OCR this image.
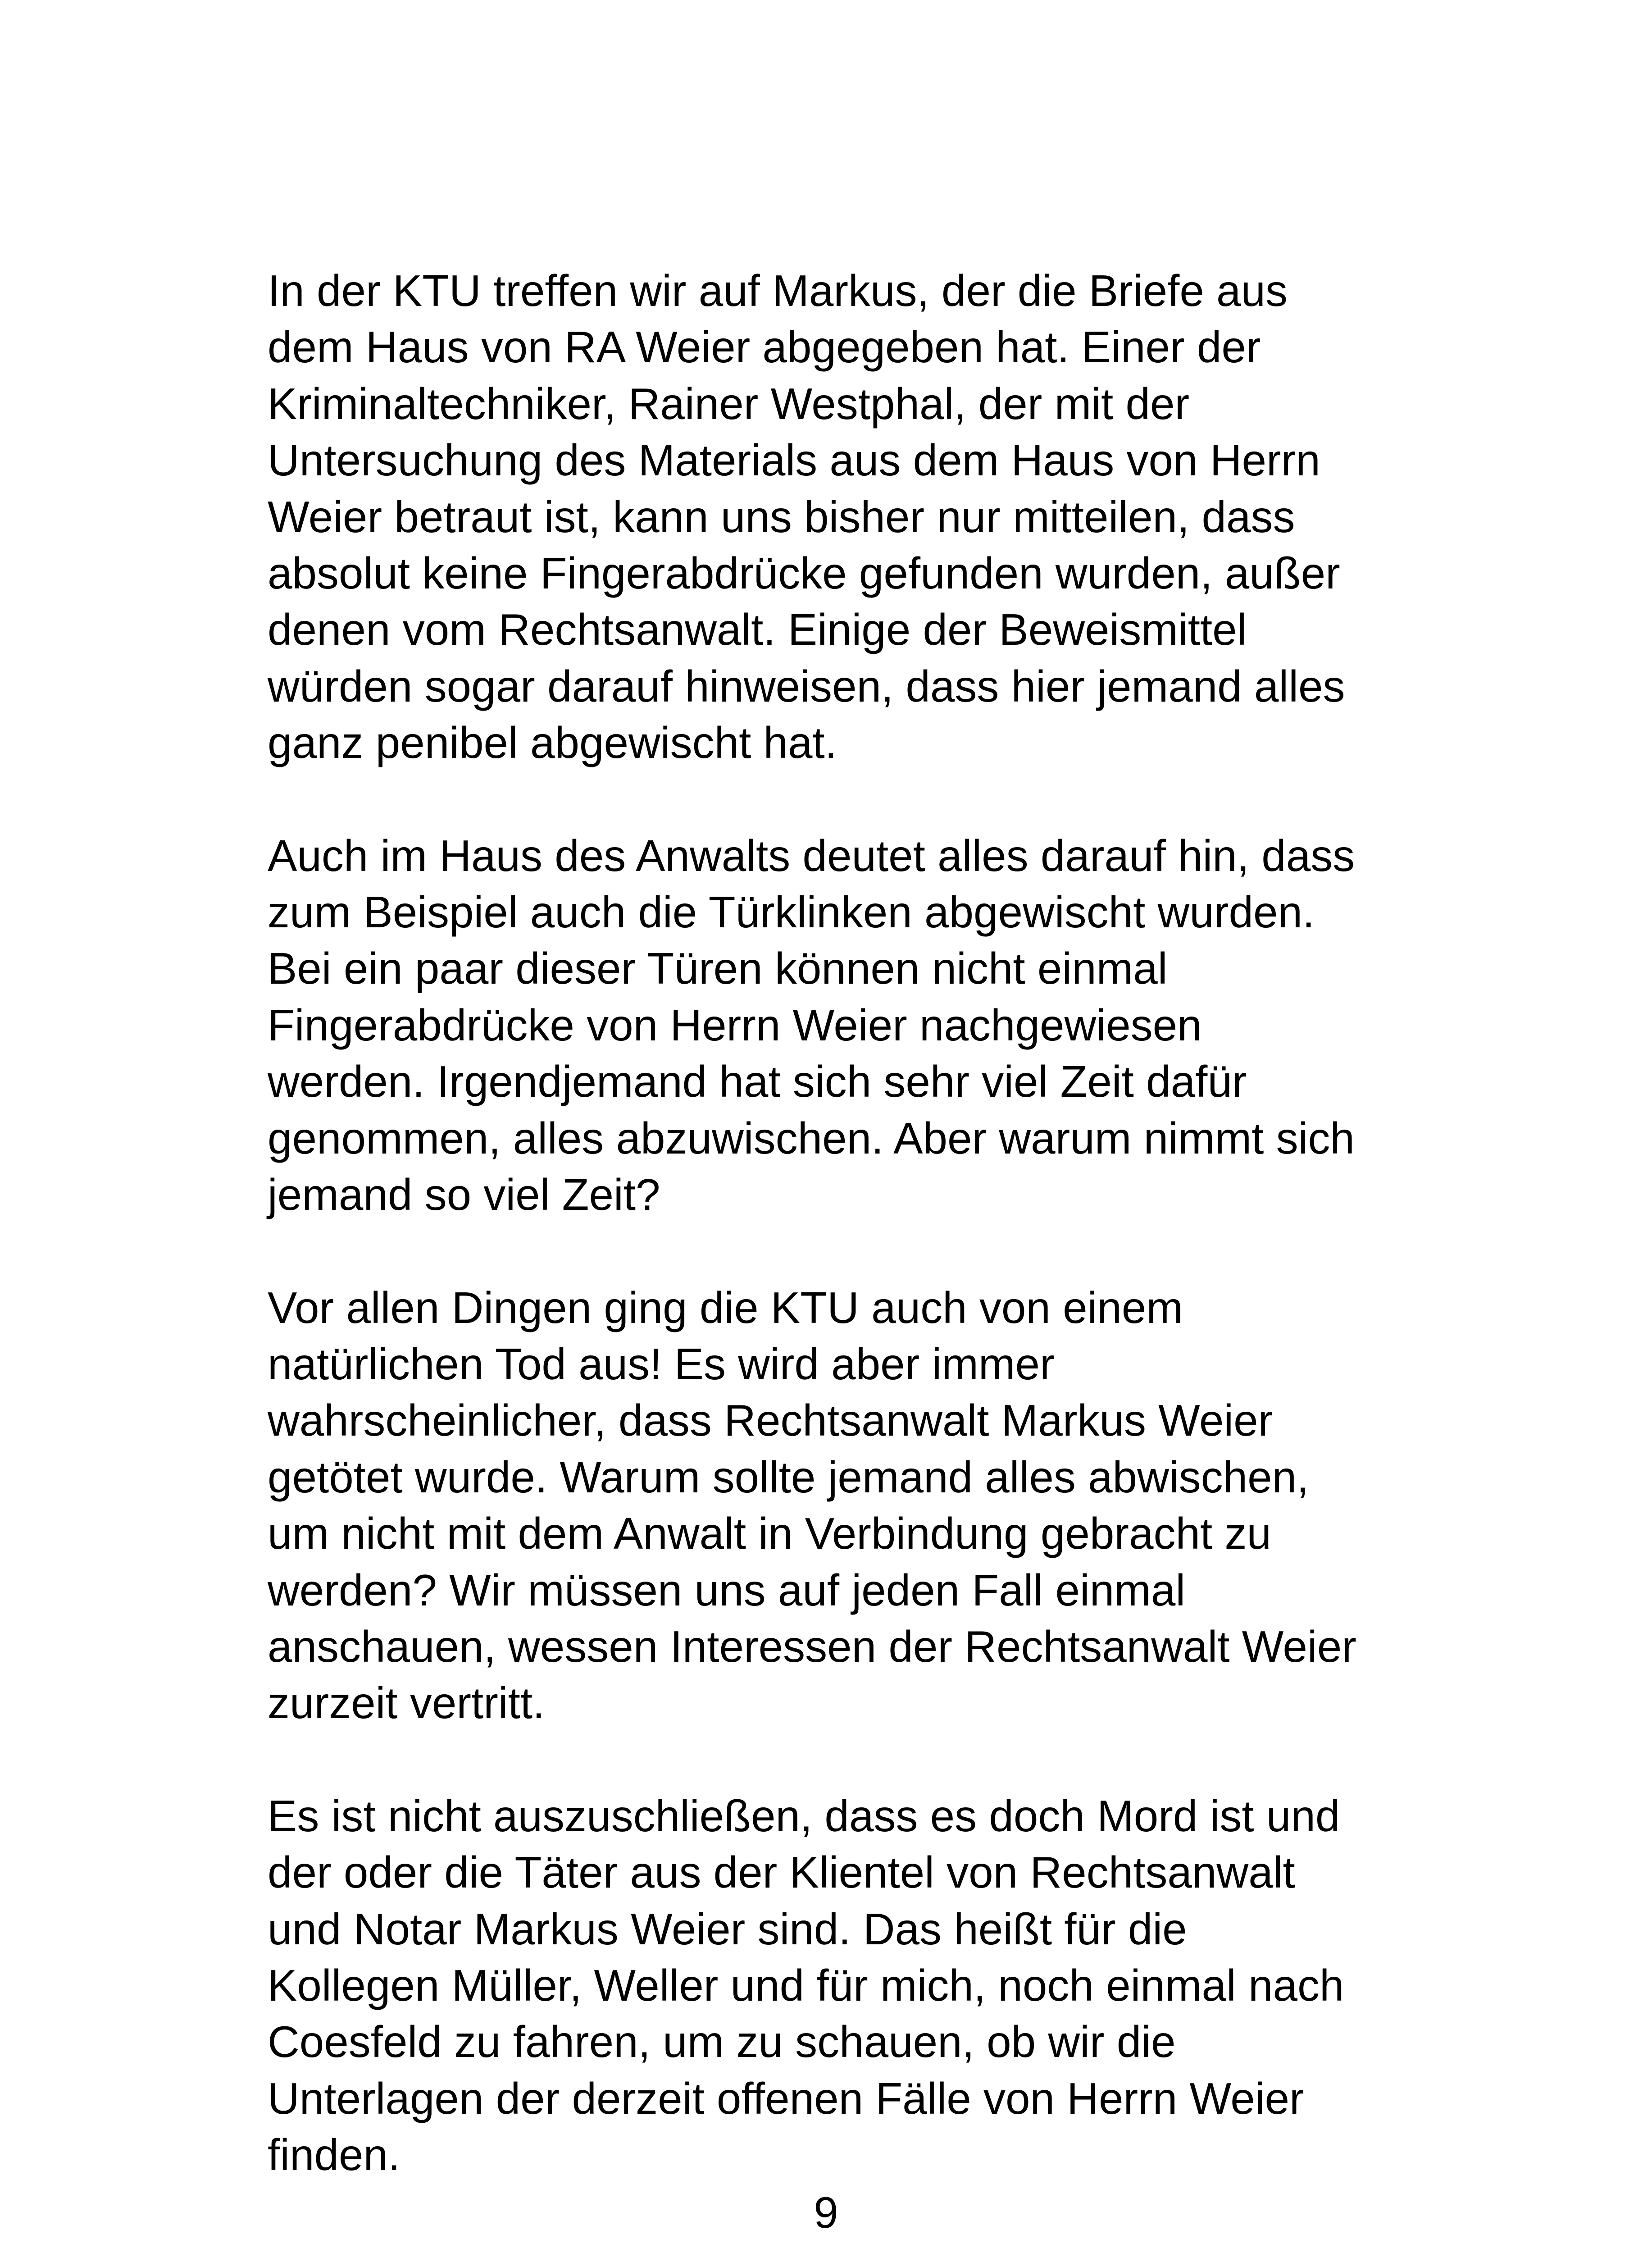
In der KTU treffen wir auf Markus, der die Briefe aus
dem Haus von RA Weier abgegeben hat. Einer der
Kriminaltechniker, Rainer Westphal, der mit der
Untersuchung des Materials aus dem Haus von Herrn
Weier betraut ist, kann uns bisher nur mitteilen, dass
absolut keine Fingerabdrücke gefunden wurden, außer
denen vom Rechtsanwalt. Einige der Beweismittel
würden sogar darauf hinweisen, dass hier jemand alles
ganz penibel abgewischt hat.

Auch im Haus des Anwalts deutet alles darauf hin, dass
zum Beispiel auch die Türklinken abgewischt wurden.
Bei ein paar dieser Türen können nicht einmal
Fingerabdrücke von Herrn Weier nachgewiesen
werden. Irgendjemand hat sich sehr viel Zeit dafür
genommen, alles abzuwischen. Aber warum nimmt sich
jemand so viel Zeit?

Vor allen Dingen ging die KTU auch von einem
natürlichen Tod aus! Es wird aber immer
wahrscheinlicher, dass Rechtsanwalt Markus Weier
getötet wurde. Warum sollte jemand alles abwischen,
um nicht mit dem Anwalt in Verbindung gebracht zu
werden? Wir müssen uns auf jeden Fall einmal
anschauen, wessen Interessen der Rechtsanwalt Weier
zurzeit vertritt.

Es ist nicht auszuschließen, dass es doch Mord ist und
der oder die Täter aus der Klientel von Rechtsanwalt
und Notar Markus Weier sind. Das heißt für die
Kollegen Müller, Weller und für mich, noch einmal nach
Coesfeld zu fahren, um zu schauen, ob wir die
Unterlagen der derzeit offenen Fälle von Herrn Weier
finden.

9
